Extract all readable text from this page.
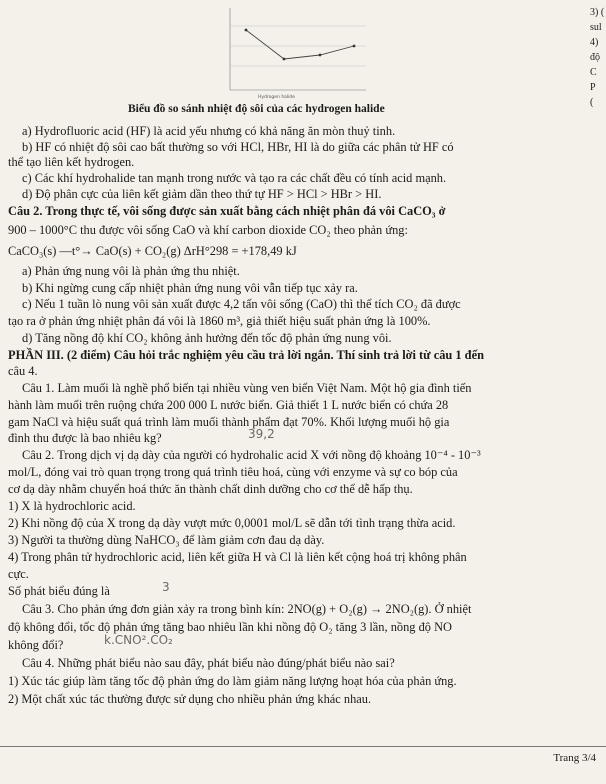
Hydrogen halide
Biểu đồ so sánh nhiệt độ sôi của các hydrogen halide
3) (
sul
4)
độ
C
P
(
a) Hydrofluoric acid (HF) là acid yếu nhưng có khả năng ăn mòn thuỷ tinh.
b) HF có nhiệt độ sôi cao bất thường so với HCl, HBr, HI là do giữa các phân tử HF có
thể tạo liên kết hydrogen.
c) Các khí hydrohalide tan mạnh trong nước và tạo ra các chất đều có tính acid mạnh.
d) Độ phân cực của liên kết giảm dần theo thứ tự HF > HCl > HBr > HI.
Câu 2. Trong thực tế, vôi sống được sản xuất bằng cách nhiệt phân đá vôi CaCO₃ ở
900 – 1000°C thu được vôi sống CaO và khí carbon dioxide CO₂ theo phản ứng:
CaCO₃(s) —t°→ CaO(s) + CO₂(g) ΔrH°298 = +178,49 kJ
a) Phản ứng nung vôi là phản ứng thu nhiệt.
b) Khi ngừng cung cấp nhiệt phản ứng nung vôi vẫn tiếp tục xảy ra.
c) Nếu 1 tuần lò nung vôi sản xuất được 4,2 tấn vôi sống (CaO) thì thể tích CO₂ đã được
tạo ra ở phản ứng nhiệt phân đá vôi là 1860 m³, giả thiết hiệu suất phản ứng là 100%.
d) Tăng nồng độ khí CO₂ không ảnh hưởng đến tốc độ phản ứng nung vôi.
PHẦN III. (2 điểm) Câu hỏi trắc nghiệm yêu cầu trả lời ngắn. Thí sinh trả lời từ câu 1 đến
câu 4.
Câu 1. Làm muối là nghề phổ biến tại nhiều vùng ven biển Việt Nam. Một hộ gia đình tiến
hành làm muối trên ruộng chứa 200 000 L nước biển. Giả thiết 1 L nước biển có chứa 28
gam NaCl và hiệu suất quá trình làm muối thành phẩm đạt 70%. Khối lượng muối hộ gia
đình thu được là bao nhiêu kg?
Câu 2. Trong dịch vị dạ dày của người có hydrohalic acid X với nồng độ khoảng 10⁻⁴ - 10⁻³
mol/L, đóng vai trò quan trọng trong quá trình tiêu hoá, cùng với enzyme và sự co bóp của
cơ dạ dày nhằm chuyển hoá thức ăn thành chất dinh dưỡng cho cơ thể dễ hấp thụ.
1) X là hydrochloric acid.
2) Khi nồng độ của X trong dạ dày vượt mức 0,0001 mol/L sẽ dẫn tới tình trạng thừa acid.
3) Người ta thường dùng NaHCO₃ để làm giảm cơn đau dạ dày.
4) Trong phân tử hydrochloric acid, liên kết giữa H và Cl là liên kết cộng hoá trị không phân
cực.
Số phát biểu đúng là
Câu 3. Cho phản ứng đơn giản xảy ra trong bình kín: 2NO(g) + O₂(g) → 2NO₂(g). Ở nhiệt
độ không đổi, tốc độ phản ứng tăng bao nhiêu lần khi nồng độ O₂ tăng 3 lần, nồng độ NO
không đổi?
Câu 4. Những phát biểu nào sau đây, phát biểu nào đúng/phát biểu nào sai?
1) Xúc tác giúp làm tăng tốc độ phản ứng do làm giảm năng lượng hoạt hóa của phản ứng.
2) Một chất xúc tác thường được sử dụng cho nhiều phản ứng khác nhau.
39,2
3
k.CNO².CO₂
Trang 3/4
